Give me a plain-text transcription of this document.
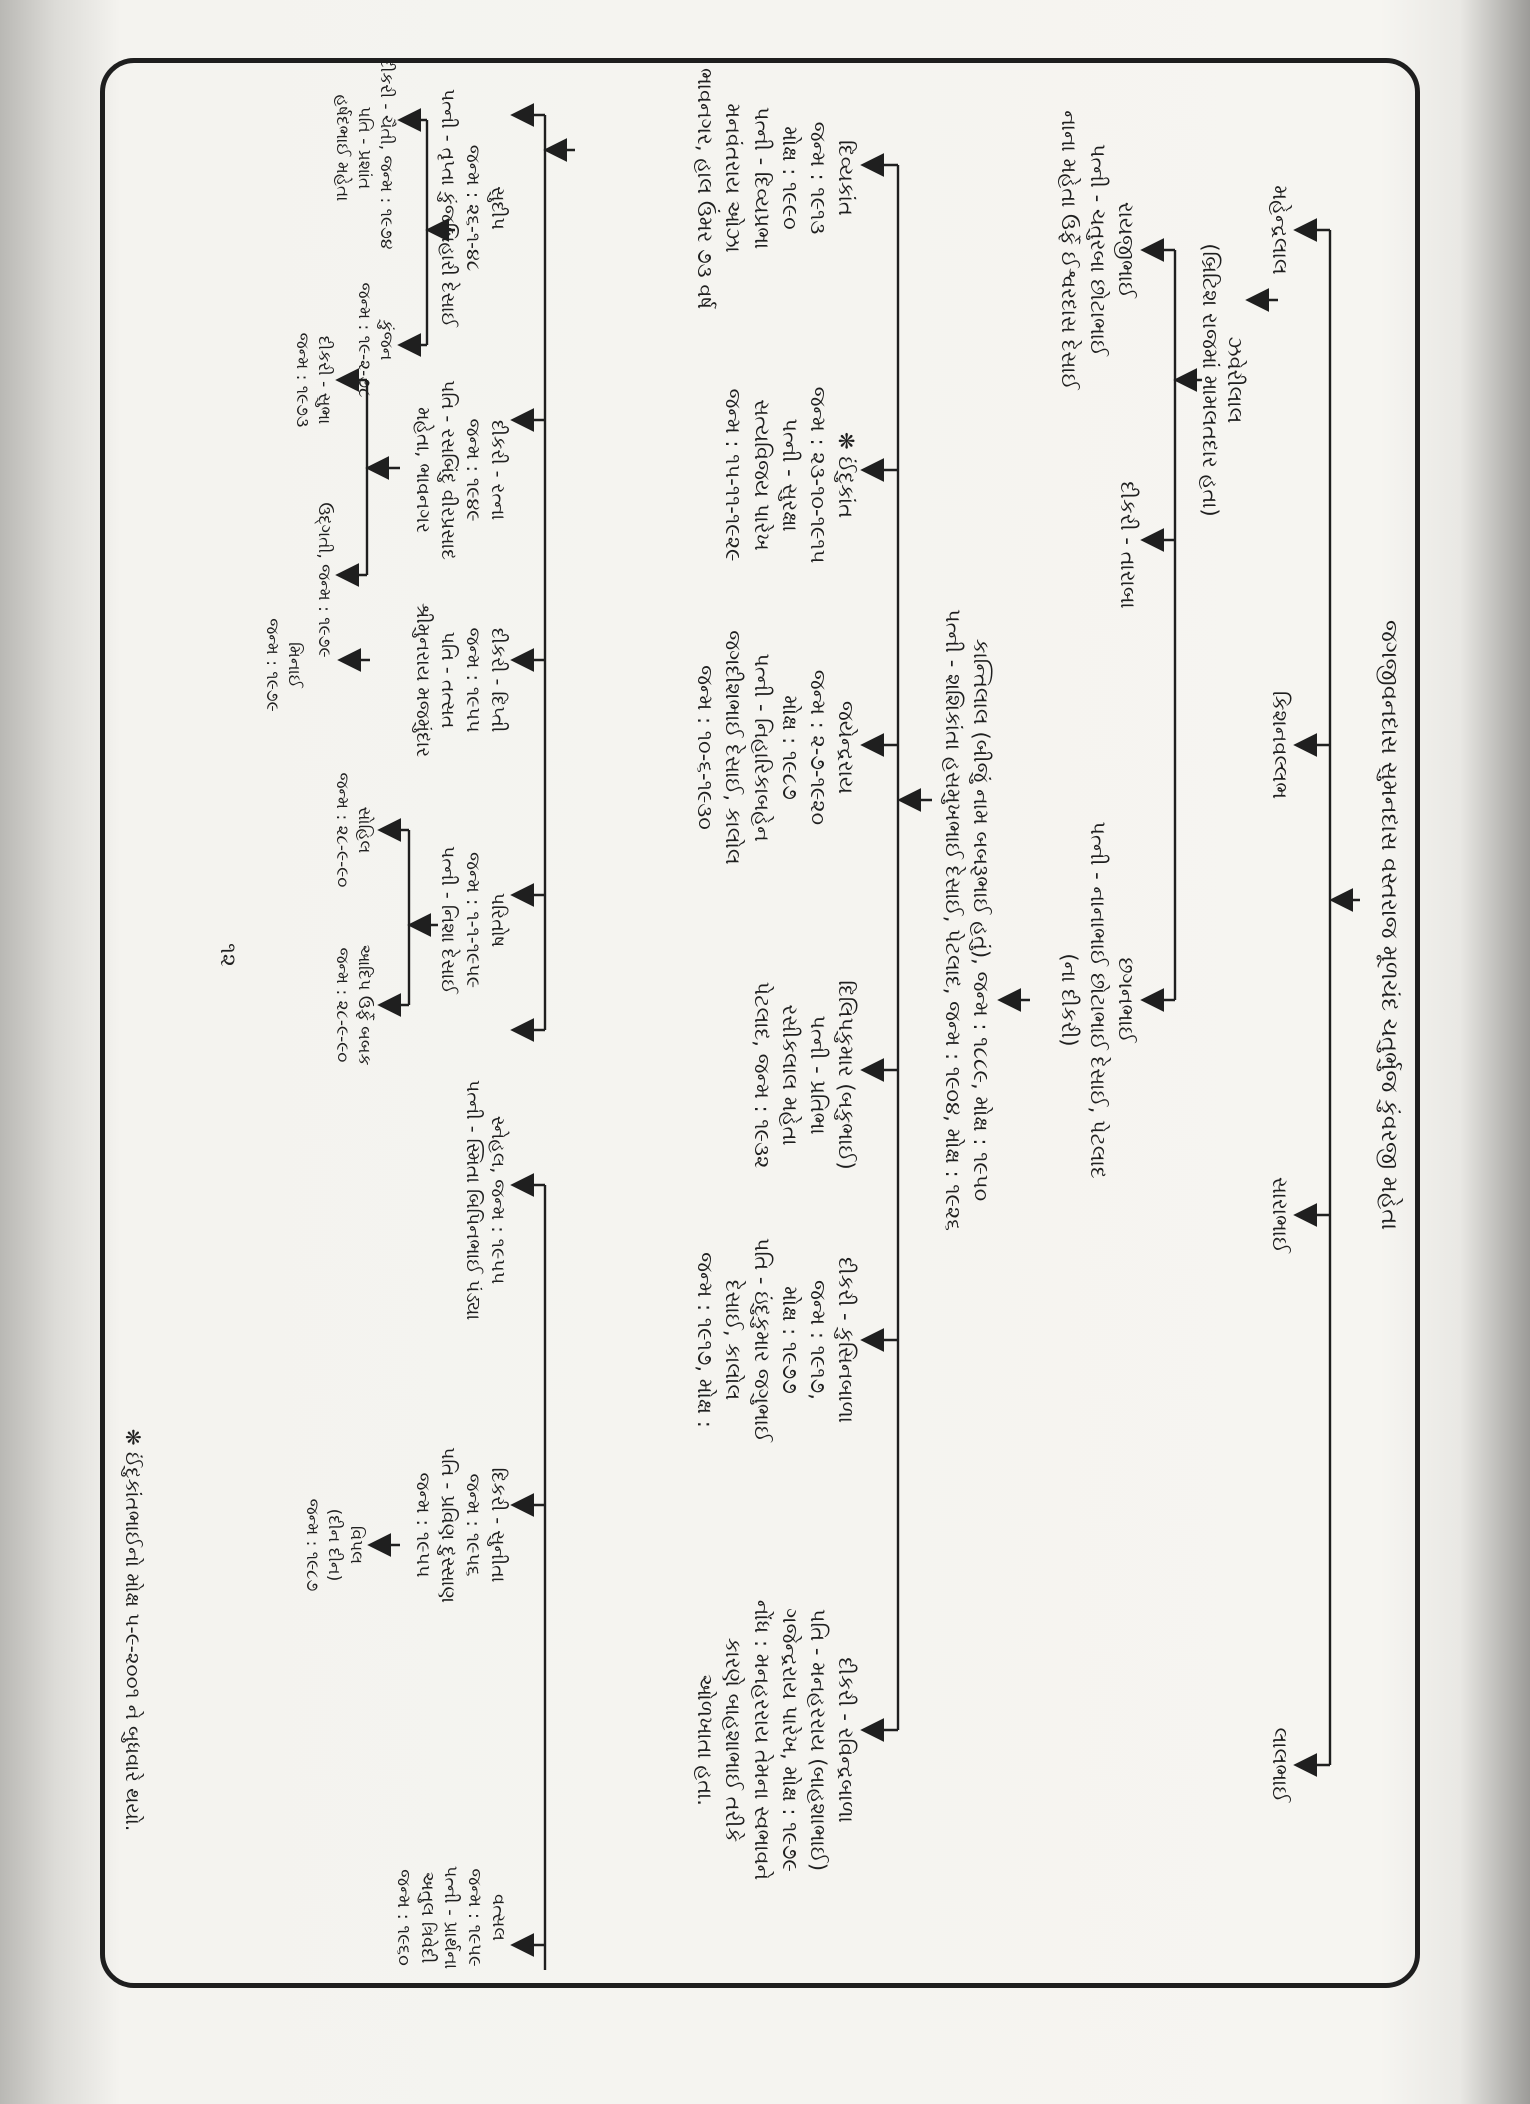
જગજીવનદાસ સુમનદાસ વસ્તરાજ મૂળચંદ ચતુર્ભુજ કુંવરજી મહેતા
મહેન્દ્રલાલ
કિશનવલ્લભ
સારાભાઈ
લાલભાઈ
ઝવેરીલાલ
(બ્રિટિશ રાજમાં મામલતદાર હતા)
રાયજીભાઈ
પત્ની - ચતુરબા છોટાભાઈ
નાના મહેતા ઉર્ફે ઈશ્વરદાસ દેસાઈ
દીકરી - તારાબા
છગનભાઈ
પત્ની - નાનાભાઈ છોટાભાઈ દેસાઈ, પેટલાદ
(ના દીકરી)
કાન્તિલાલ (બીજું નામ બબરૂભાઈ હતું), જન્મ : ૧૮૮૯, મોક્ષ : ૧૯૫૦
પત્ની - શશિકાંતા હસમુખભાઈ દેસાઈ, પેટલાદ, જન્મ : ૧૯૦૪, મોક્ષ : ૧૯૨૬
દિવ્યકાંત
જન્મ : ૧૯૧૩
મોક્ષ : ૧૯૯૦
પત્ની - દિવ્યપ્રભા
મનવંતરાય ઓઝા
ભાવનગર, હાલ ઉંમર ૭૩ વર્ષ
❋ ઈંદુકાંત
જન્મ : ૨૩-૧૦-૧૯૧૫
પત્ની - સુરક્ષા
સત્યવિજય પારેખ
જન્મ : ૧૫-૧૧-૧૯૨૯
જયેન્દ્રરાય
જન્મ : ૨-૭-૧૯૨૦
મોક્ષ : ૧૯૮૭
પત્ની - નિહારિકાબહેન
જગદીશભાઈ દેસાઈ, કાલોલ
જન્મ : ૧૦-૬-૧૯૩૦
દિલિપકુમાર (બકુભાઈ)
પત્ની - પ્રતિભા
રસીકલાલ મહેતા
પેટલાદ, જન્મ : ૧૯૩૨
દીકરી - કુસિનબાળા
જન્મ : ૧૯૧૭,
મોક્ષ : ૧૯૭૭
પતિ - ઇંદુકુમાર જગુભાઈ
દેસાઈ, કાલોલ
જન્મ : ૧૯૧૭, મોક્ષ :
દીકરી - રવિન્દ્રબાળા
પતિ - મનહરરાય (બાહશાભાઈ)
ગજેન્દ્રરાય પારેખ, મોક્ષ : ૧૯૭૯
નોંધ : મનહરરાય તેમના સ્વભાવને
કારણે બાહશાભાઈ તરીકે
ઓળખાતા હતા.
સુદીપ
જન્મ : ૨૬-૧-૪૮
પત્ની - તૃપ્તા કુંજબિહારી દેસાઈ
દીકરી - રત્ના
જન્મ : ૧૯૪૯
પતિ - રસબિંદુ વીરપ્રસાદ
મહેતા, ભાવનગર
દીકરી - દિપ્તી
જન્મ : ૧૯૫૫
પતિ - તત્સત
શ્રીમુનરાય મજમુંદાર
પરિતોષ
જન્મ : ૧-૧-૧૯૫૯
પત્ની - નિશા દેસાઈ
સ્નેહલ, જન્મ : ૧૯૫૫
પત્ની - સ્મિતા બિપિનભાઈ પંડ્યા
દિકરી - સુનીતા
જન્મ : ૧૯૫૬
પતિ - પ્રવિણ દુસ્સાણ
જન્મ : ૧૯૫૫
વત્સલ
જન્મ : ૧૯૫૯
પત્ની - પ્રાર્થના
અતુલ ત્રિવેદી
જન્મ : ૧૯૬૦
દીકરી - ચૈતી, જન્મ : ૧૯૭૪
પતિ - પ્રશાંત
હર્ષદભાઈ મહેતા
કુંજન
જન્મ : ૧૯-૨-૭૮
દીકરી - સુભા
જન્મ : ૧૯૭૩
ઉદ્ગતી, જન્મ : ૧૯૭૯
મિનાઈ
જન્મ : ૧૯૭૯
સોહિલ
જન્મ : ૨૮-૯-૯૦
આદિપ ઉર્ફે બબક
જન્મ : ૨૮-૯-૯૦
વિપલ
(દીન દીન)
જન્મ : ૧૯૮૭
૧૨
❋ ઈંદુકાંતભાઈનો મોક્ષ ૫-૯-૨૦૦૧ ને બુધવારે થયો.
